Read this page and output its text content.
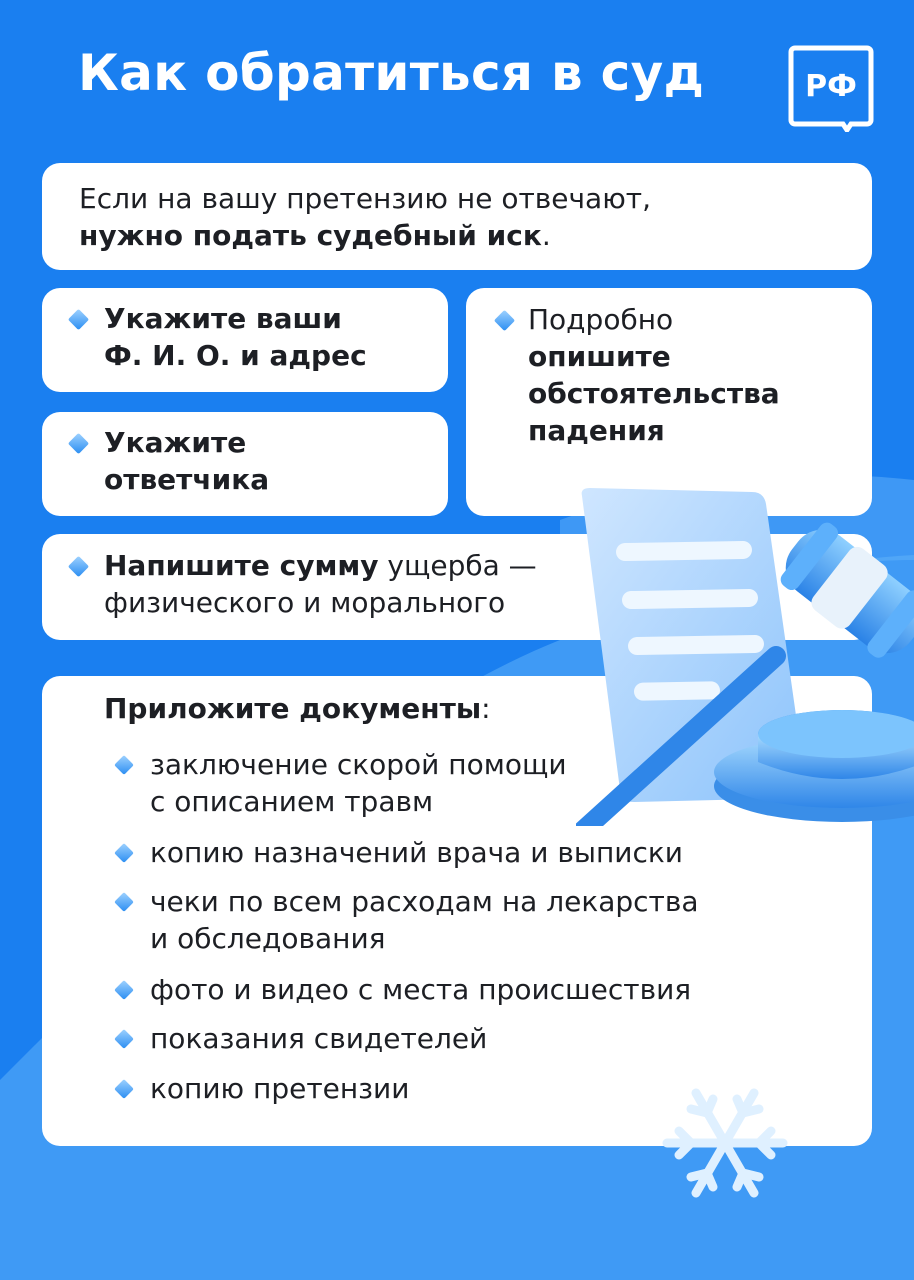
Как обратиться в суд	РФ
Если на вашу претензию не отвечают,
нужно подать судебный иск.
Укажите ваши
Ф. И. О. и адрес
Укажите
ответчика
Подробно
опишите
обстоятельства
падения
Напишите сумму ущерба —
физического и морального
Приложите документы:
заключение скорой помощи
с описанием травм
копию назначений врача и выписки
чеки по всем расходам на лекарства
и обследования
фото и видео с места происшествия
показания свидетелей
копию претензии
